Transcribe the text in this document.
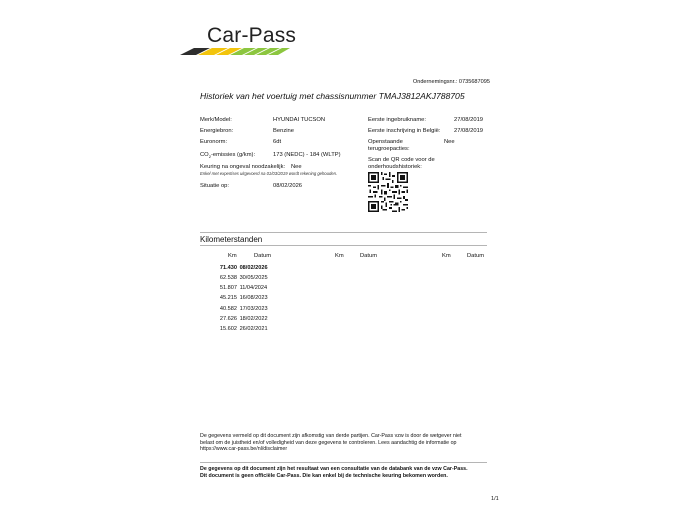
Car-Pass
Ondernemingsnr.: 0735687095
Historiek van het voertuig met chassisnummer TMAJ3812AKJ788705
Merk/Model:	HYUNDAI TUCSON
Energiebron:	Benzine
Euronorm:	6dt
$CO_2$-emissies (g/km):	173 (NEDC) - 184 (WLTP)
Keuring na ongeval noodzakelijk: Nee
Enkel met expertises uitgevoerd na 01/03/2019 wordt rekening gehouden.
Situatie op:	08/02/2026
Eerste ingebruikname:	27/08/2019
Eerste inschrijving in België: 27/08/2019
Openstaande
terugroepacties:
Nee
Scan de QR code voor de
onderhoudshistoriek:
Kilometerstanden
Km	Datum	Km	Datum	Km	Datum
71.430 08/02/2026
62.538 30/05/2025
51.807 11/04/2024
45.215 16/08/2023
40.582 17/03/2023
27.626 18/02/2022
15.602 26/02/2021
De gegevens vermeld op dit document zijn afkomstig van derde partijen. Car-Pass vzw is door de wetgever niet
belast om de juistheid en/of volledigheid van deze gegevens te controleren. Lees aandachtig de informatie op
https://www.car-pass.be/nl/disclaimer
De gegevens op dit document zijn het resultaat van een consultatie van de databank van de vzw Car-Pass.
Dit document is geen officiële Car-Pass. Die kan enkel bij de technische keuring bekomen worden.
1/1
